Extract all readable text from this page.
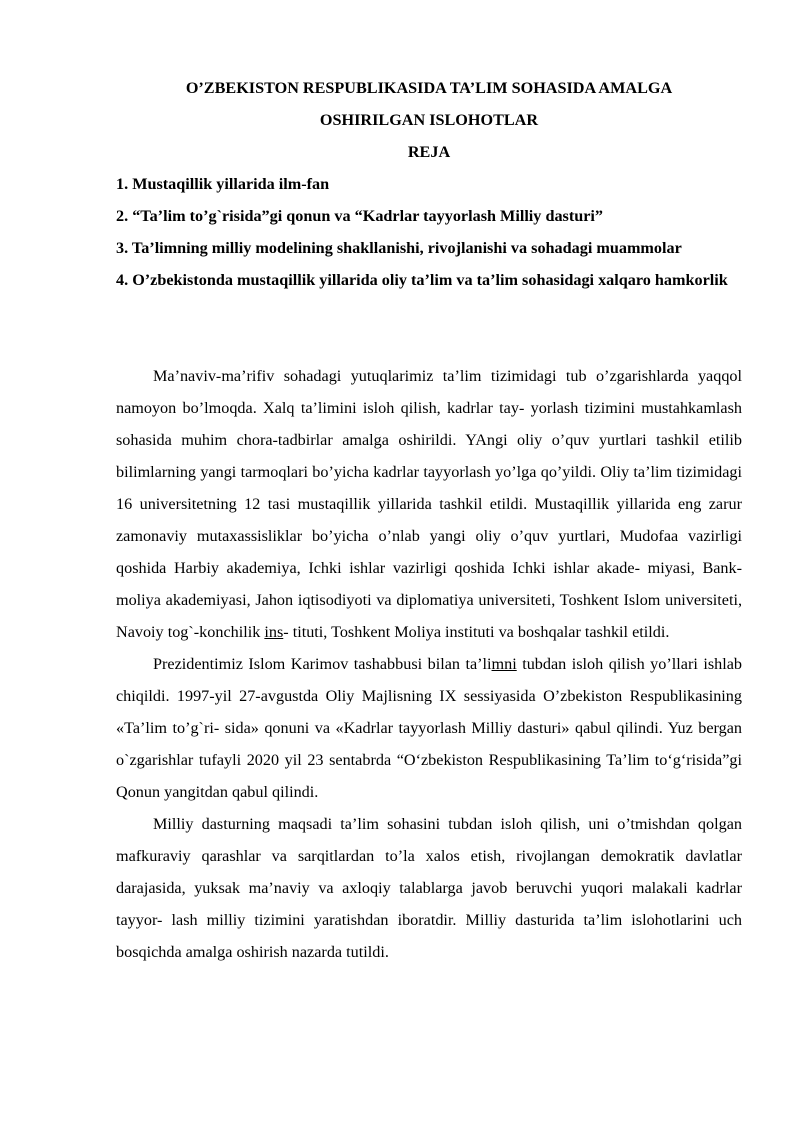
O’ZBEKISTON RESPUBLIKASIDA TA’LIM SOHASIDA AMALGA
OSHIRILGAN ISLOHOTLAR
REJA
1. Mustaqillik yillarida ilm-fan
2. “Ta’lim to’g`risida”gi qonun va “Kadrlar tayyorlash Milliy dasturi”
3. Ta’limning milliy modelining shakllanishi, rivojlanishi va sohadagi muammolar
4. O’zbekistonda mustaqillik yillarida oliy ta’lim va ta’lim sohasidagi xalqaro hamkorlik

Ma’naviv-ma’rifiv sohadagi yutuqlarimiz ta’lim tizimidagi tub o’zgarishlarda yaqqol namoyon bo’lmoqda. Xalq ta’limini isloh qilish, kadrlar tay- yorlash tizimini mustahkamlash sohasida muhim chora-tadbirlar amalga oshirildi. YAngi oliy o’quv yurtlari tashkil etilib bilimlarning yangi tarmoqlari bo’yicha kadrlar tayyorlash yo’lga qo’yildi. Oliy ta’lim tizimidagi 16 universitetning 12 tasi mustaqillik yillarida tashkil etildi. Mustaqillik yillarida eng zarur zamonaviy mutaxassisliklar bo’yicha o’nlab yangi oliy o’quv yurtlari, Mudofaa vazirligi qoshida Harbiy akademiya, Ichki ishlar vazirligi qoshida Ichki ishlar akade- miyasi, Bank-moliya akademiyasi, Jahon iqtisodiyoti va diplomatiya universiteti, Toshkent Islom universiteti, Navoiy tog`-konchilik ins- tituti, Toshkent Moliya instituti va boshqalar tashkil etildi.

Prezidentimiz Islom Karimov tashabbusi bilan ta’limni tubdan isloh qilish yo’llari ishlab chiqildi. 1997-yil 27-avgustda Oliy Majlisning IX sessiyasida O’zbekiston Respublikasining «Ta’lim to’g`ri- sida» qonuni va «Kadrlar tayyorlash Milliy dasturi» qabul qilindi. Yuz bergan o`zgarishlar tufayli 2020 yil 23 sentabrda “O‘zbekiston Respublikasining Ta’lim to‘g‘risida”gi Qonun yangitdan qabul qilindi.

Milliy dasturning maqsadi ta’lim sohasini tubdan isloh qilish, uni o’tmishdan qolgan mafkuraviy qarashlar va sarqitlardan to’la xalos etish, rivojlangan demokratik davlatlar darajasida, yuksak ma’naviy va axloqiy talablarga javob beruvchi yuqori malakali kadrlar tayyor- lash milliy tizimini yaratishdan iboratdir. Milliy dasturida ta’lim islohotlarini uch bosqichda amalga oshirish nazarda tutildi.
